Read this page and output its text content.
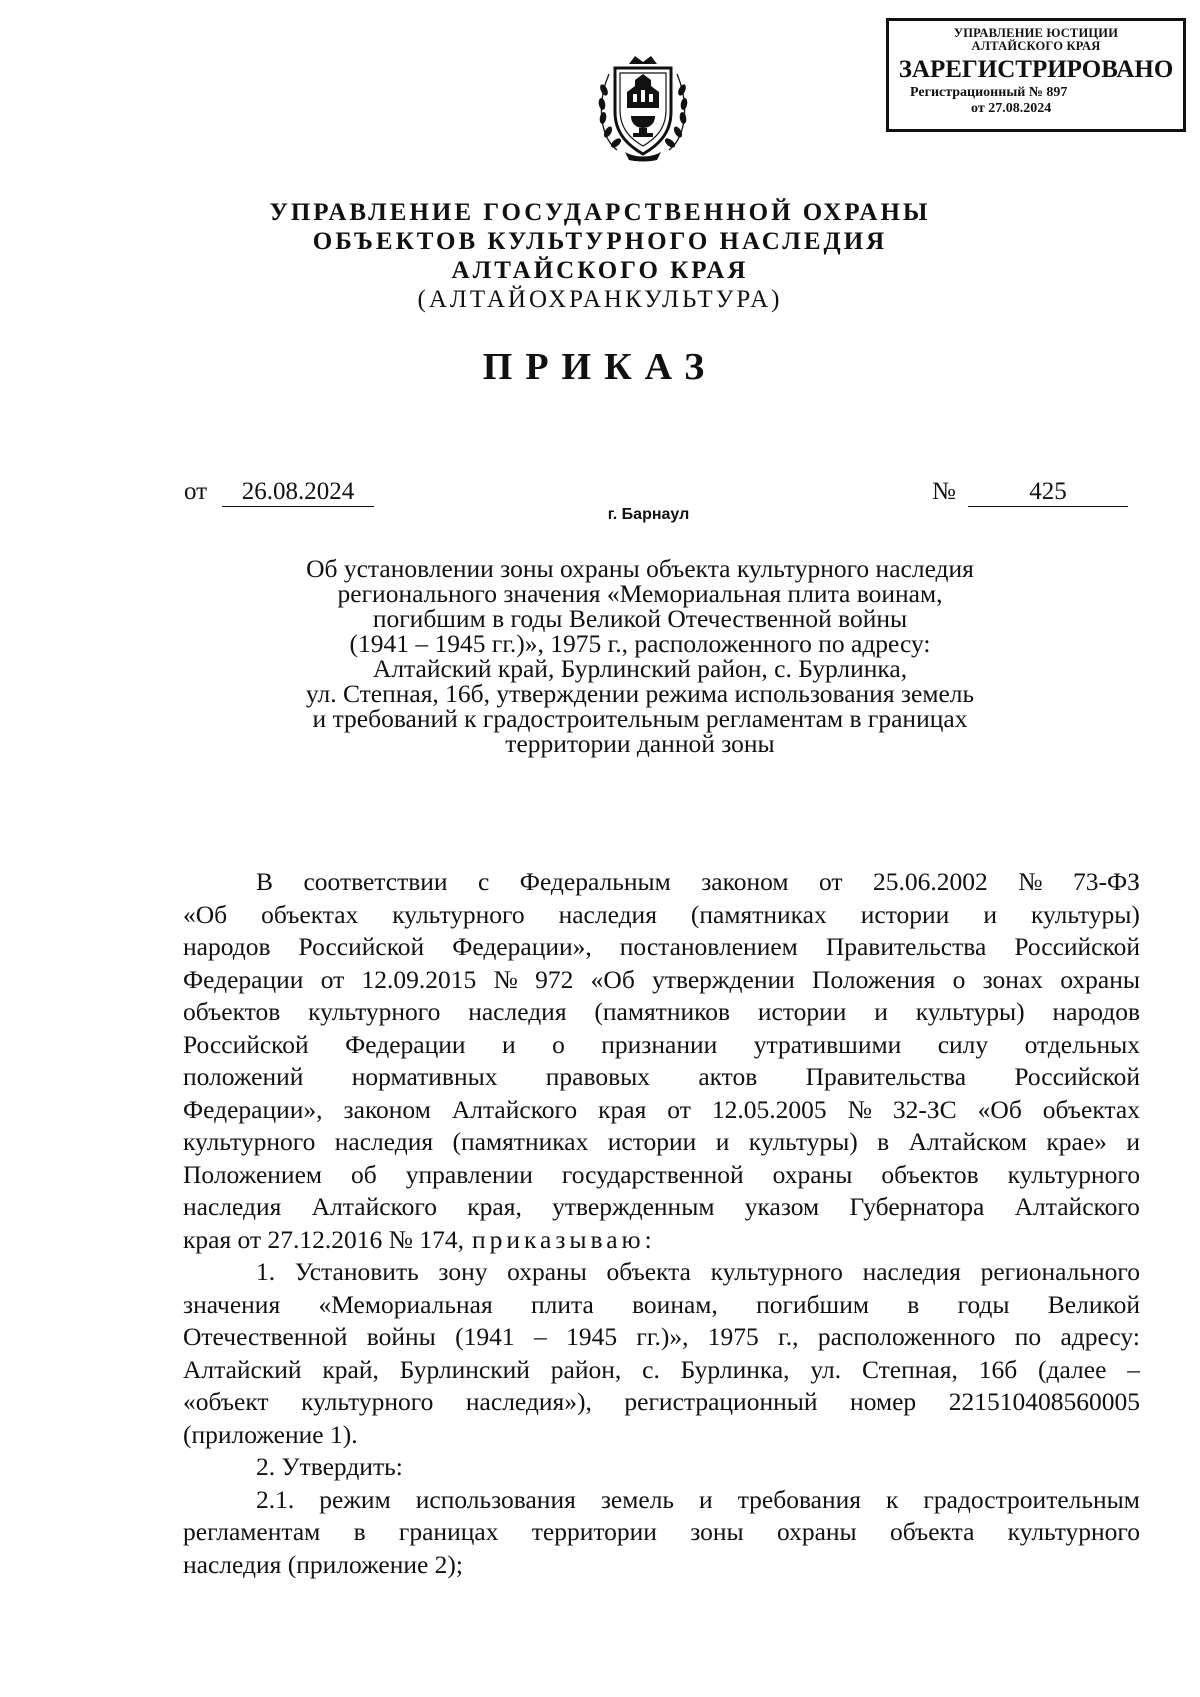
УПРАВЛЕНИЕ ЮСТИЦИИ
АЛТАЙСКОГО КРАЯ
ЗАРЕГИСТРИРОВАНО
Регистрационный № 897
от 27.08.2024
УПРАВЛЕНИЕ ГОСУДАРСТВЕННОЙ ОХРАНЫ
ОБЪЕКТОВ КУЛЬТУРНОГО НАСЛЕДИЯ
АЛТАЙСКОГО КРАЯ
(АЛТАЙОХРАНКУЛЬТУРА)
ПРИКАЗ
от	26.08.2024	№	425
г. Барнаул
Об установлении зоны охраны объекта культурного наследия
регионального значения «Мемориальная плита воинам,
погибшим в годы Великой Отечественной войны
(1941 – 1945 гг.)», 1975 г., расположенного по адресу:
Алтайский край, Бурлинский район, с. Бурлинка,
ул. Степная, 16б, утверждении режима использования земель
и требований к градостроительным регламентам в границах
территории данной зоны
В соответствии с Федеральным законом от 25.06.2002 № 73-ФЗ
«Об объектах культурного наследия (памятниках истории и культуры)
народов Российской Федерации», постановлением Правительства Российской
Федерации от 12.09.2015 № 972 «Об утверждении Положения о зонах охраны
объектов культурного наследия (памятников истории и культуры) народов
Российской Федерации и о признании утратившими силу отдельных
положений нормативных правовых актов Правительства Российской
Федерации», законом Алтайского края от 12.05.2005 № 32-ЗС «Об объектах
культурного наследия (памятниках истории и культуры) в Алтайском крае» и
Положением об управлении государственной охраны объектов культурного
наследия Алтайского края, утвержденным указом Губернатора Алтайского
края от 27.12.2016 № 174, приказываю:
1. Установить зону охраны объекта культурного наследия регионального
значения «Мемориальная плита воинам, погибшим в годы Великой
Отечественной войны (1941 – 1945 гг.)», 1975 г., расположенного по адресу:
Алтайский край, Бурлинский район, с. Бурлинка, ул. Степная, 16б (далее –
«объект культурного наследия»), регистрационный номер 221510408560005
(приложение 1).
2. Утвердить:
2.1. режим использования земель и требования к градостроительным
регламентам в границах территории зоны охраны объекта культурного
наследия (приложение 2);
